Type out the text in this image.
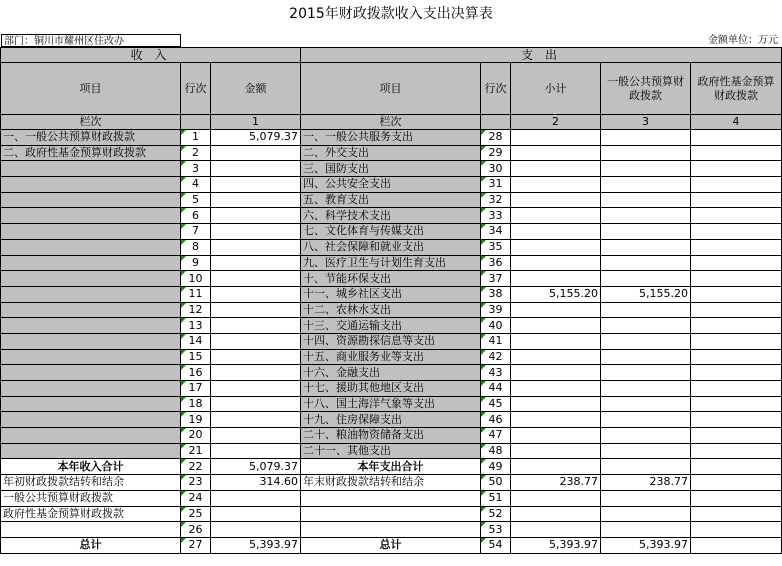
2015年财政拨款收入支出决算表
部门：铜川市耀州区住改办	金额单位：万元
收 入			支 出				
项目	行次	金额	项目	行次	小计	一般公共预算财政拨款	政府性基金预算财政拨款
栏次		1	栏次		2	3	4
一、一般公共预算财政拨款	1	5,079.37	一、一般公共服务支出	28			
二、政府性基金预算财政拨款	2		二、外交支出	29			
	3		三、国防支出	30			
	4		四、公共安全支出	31			
	5		五、教育支出	32			
	6		六、科学技术支出	33			
	7		七、文化体育与传媒支出	34			
	8		八、社会保障和就业支出	35			
	9		九、医疗卫生与计划生育支出	36			
	10		十、节能环保支出	37			
	11		十一、城乡社区支出	38	5,155.20	5,155.20	
	12		十二、农林水支出	39			
	13		十三、交通运输支出	40			
	14		十四、资源勘探信息等支出	41			
	15		十五、商业服务业等支出	42			
	16		十六、金融支出	43			
	17		十七、援助其他地区支出	44			
	18		十八、国土海洋气象等支出	45			
	19		十九、住房保障支出	46			
	20		二十、粮油物资储备支出	47			
	21		二十一、其他支出	48			
本年收入合计	22	5,079.37	本年支出合计	49			
年初财政拨款结转和结余	23	314.60	年末财政拨款结转和结余	50	238.77	238.77	
一般公共预算财政拨款	24			51			
政府性基金预算财政拨款	25			52			
	26			53			
总计	27	5,393.97	总计	54	5,393.97	5,393.97	
